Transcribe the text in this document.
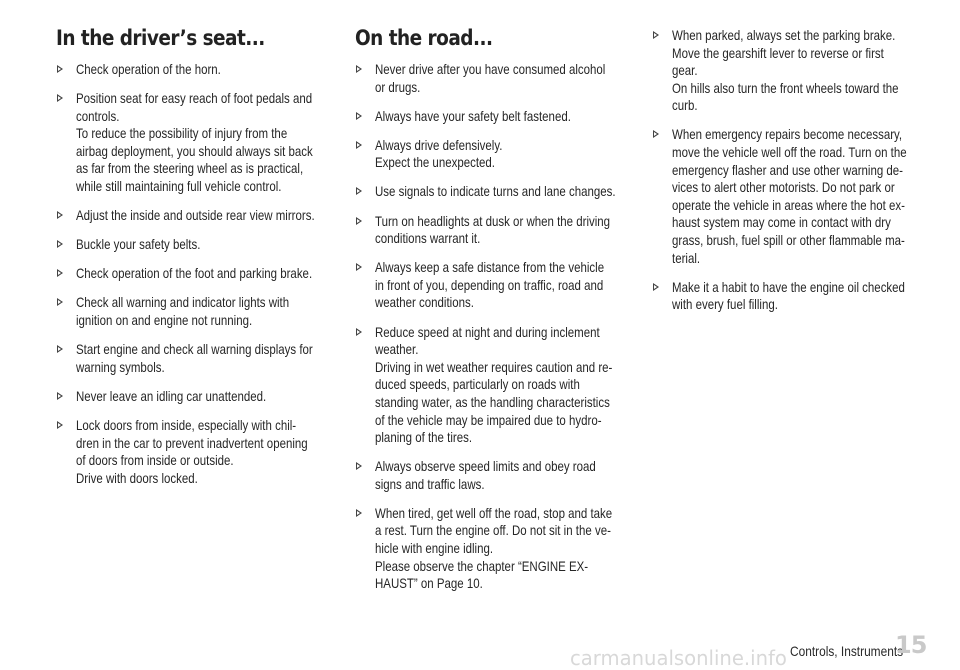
In the driver’s seat...
Check operation of the horn.
Position seat for easy reach of foot pedals and
controls.
To reduce the possibility of injury from the
airbag deployment, you should always sit back
as far from the steering wheel as is practical,
while still maintaining full vehicle control.
Adjust the inside and outside rear view mirrors.
Buckle your safety belts.
Check operation of the foot and parking brake.
Check all warning and indicator lights with
ignition on and engine not running.
Start engine and check all warning displays for
warning symbols.
Never leave an idling car unattended.
Lock doors from inside, especially with chil-
dren in the car to prevent inadvertent opening
of doors from inside or outside.
Drive with doors locked.
On the road...
Never drive after you have consumed alcohol
or drugs.
Always have your safety belt fastened.
Always drive defensively.
Expect the unexpected.
Use signals to indicate turns and lane changes.
Turn on headlights at dusk or when the driving
conditions warrant it.
Always keep a safe distance from the vehicle
in front of you, depending on traffic, road and
weather conditions.
Reduce speed at night and during inclement
weather.
Driving in wet weather requires caution and re-
duced speeds, particularly on roads with
standing water, as the handling characteristics
of the vehicle may be impaired due to hydro-
planing of the tires.
Always observe speed limits and obey road
signs and traffic laws.
When tired, get well off the road, stop and take
a rest. Turn the engine off. Do not sit in the ve-
hicle with engine idling.
Please observe the chapter “ENGINE EX-
HAUST” on Page 10.
When parked, always set the parking brake.
Move the gearshift lever to reverse or first
gear.
On hills also turn the front wheels toward the
curb.
When emergency repairs become necessary,
move the vehicle well off the road. Turn on the
emergency flasher and use other warning de-
vices to alert other motorists. Do not park or
operate the vehicle in areas where the hot ex-
haust system may come in contact with dry
grass, brush, fuel spill or other flammable ma-
terial.
Make it a habit to have the engine oil checked
with every fuel filling.
Controls, Instruments
15
carmanualsonline.info
